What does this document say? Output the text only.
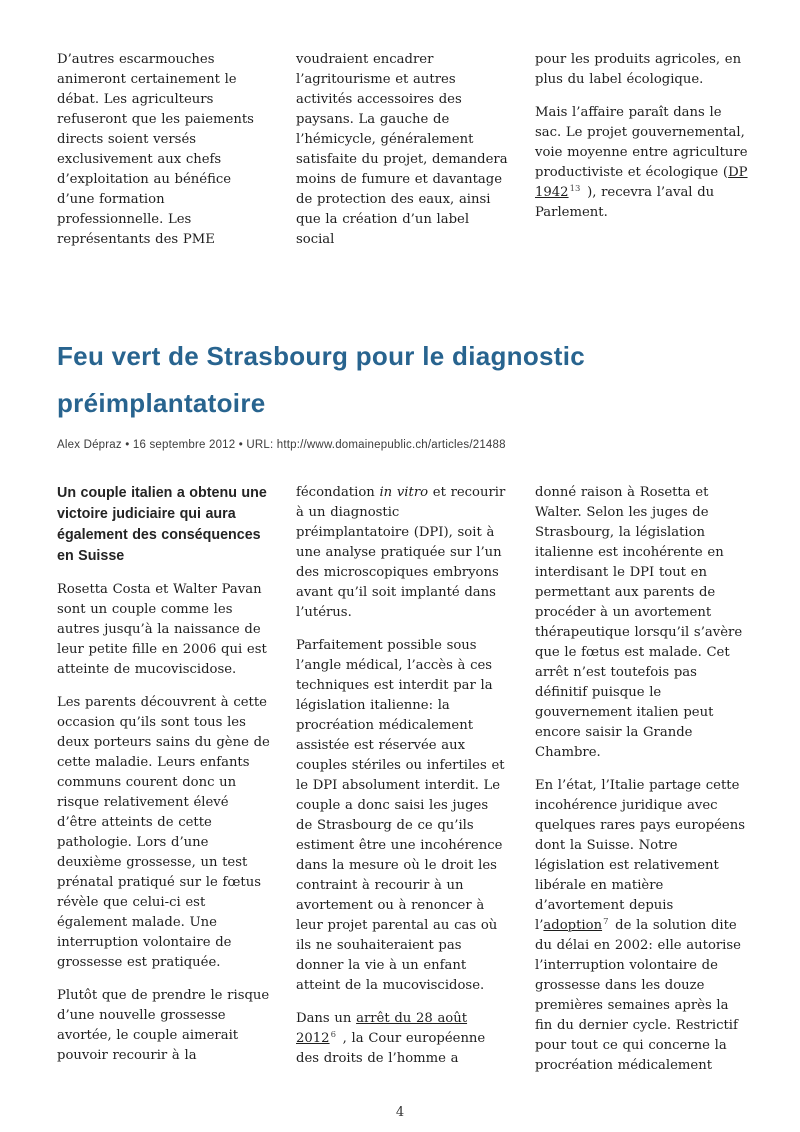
D’autres escarmouches animeront certainement le débat. Les agriculteurs refuseront que les paiements directs soient versés exclusivement aux chefs d’exploitation au bénéfice d’une formation professionnelle. Les représentants des PME

voudraient encadrer l’agritourisme et autres activités accessoires des paysans. La gauche de l’hémicycle, généralement satisfaite du projet, demandera moins de fumure et davantage de protection des eaux, ainsi que la création d’un label social

pour les produits agricoles, en plus du label écologique.

Mais l’affaire paraît dans le sac. Le projet gouvernemental, voie moyenne entre agriculture productiviste et écologique (DP 1942$^{13}$ ), recevra l’aval du Parlement.

Feu vert de Strasbourg pour le diagnostic préimplantatoire
Alex Dépraz • 16 septembre 2012 • URL: http://www.domainepublic.ch/articles/21488

Un couple italien a obtenu une victoire judiciaire qui aura également des conséquences en Suisse

Rosetta Costa et Walter Pavan sont un couple comme les autres jusqu’à la naissance de leur petite fille en 2006 qui est atteinte de mucoviscidose.

Les parents découvrent à cette occasion qu’ils sont tous les deux porteurs sains du gène de cette maladie. Leurs enfants communs courent donc un risque relativement élevé d’être atteints de cette pathologie. Lors d’une deuxième grossesse, un test prénatal pratiqué sur le fœtus révèle que celui-ci est également malade. Une interruption volontaire de grossesse est pratiquée.

Plutôt que de prendre le risque d’une nouvelle grossesse avortée, le couple aimerait pouvoir recourir à la

fécondation in vitro et recourir à un diagnostic préimplantatoire (DPI), soit à une analyse pratiquée sur l’un des microscopiques embryons avant qu’il soit implanté dans l’utérus.

Parfaitement possible sous l’angle médical, l’accès à ces techniques est interdit par la législation italienne: la procréation médicalement assistée est réservée aux couples stériles ou infertiles et le DPI absolument interdit. Le couple a donc saisi les juges de Strasbourg de ce qu’ils estiment être une incohérence dans la mesure où le droit les contraint à recourir à un avortement ou à renoncer à leur projet parental au cas où ils ne souhaiteraient pas donner la vie à un enfant atteint de la mucoviscidose.

Dans un arrêt du 28 août 2012$^6$ , la Cour européenne des droits de l’homme a

donné raison à Rosetta et Walter. Selon les juges de Strasbourg, la législation italienne est incohérente en interdisant le DPI tout en permettant aux parents de procéder à un avortement thérapeutique lorsqu’il s’avère que le fœtus est malade. Cet arrêt n’est toutefois pas définitif puisque le gouvernement italien peut encore saisir la Grande Chambre.

En l’état, l’Italie partage cette incohérence juridique avec quelques rares pays européens dont la Suisse. Notre législation est relativement libérale en matière d’avortement depuis l’adoption$^7$ de la solution dite du délai en 2002: elle autorise l’interruption volontaire de grossesse dans les douze premières semaines après la fin du dernier cycle. Restrictif pour tout ce qui concerne la procréation médicalement

4
